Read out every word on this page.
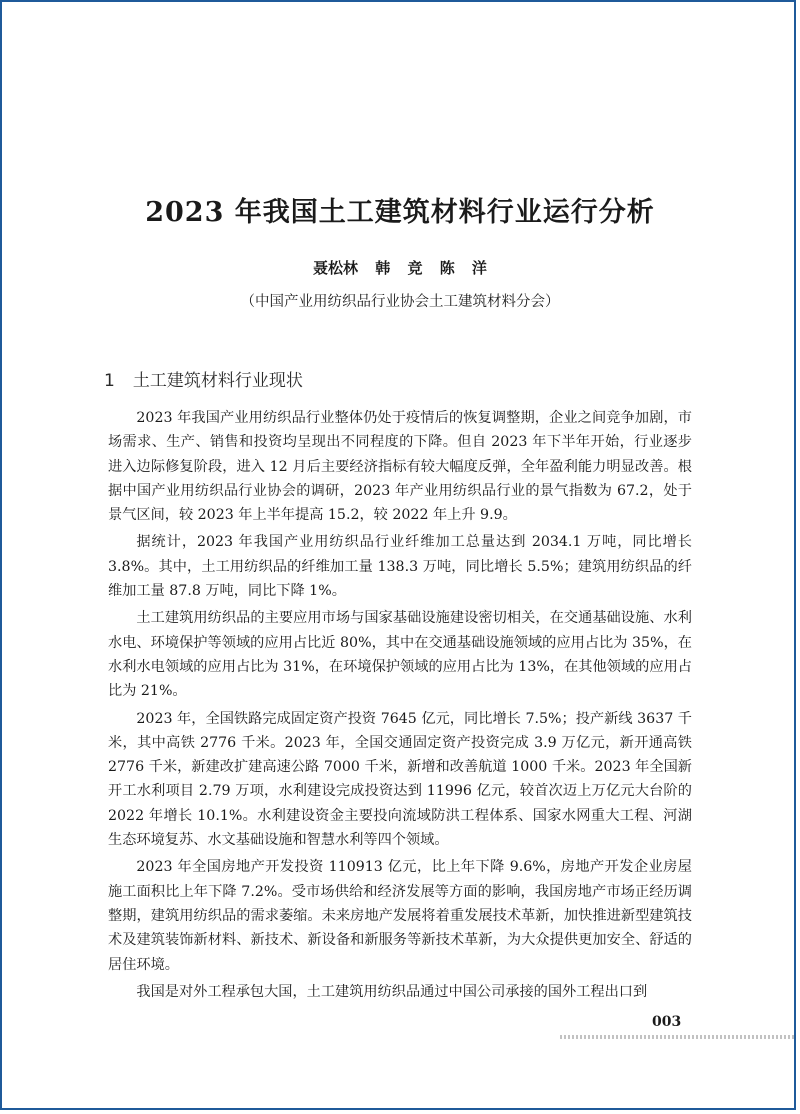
2023 年我国土工建筑材料行业运行分析
聂松林 韩 竞 陈 洋
（中国产业用纺织品行业协会土工建筑材料分会）
1 土工建筑材料行业现状

2023 年我国产业用纺织品行业整体仍处于疫情后的恢复调整期，企业之间竞争加剧，市场需求、生产、销售和投资均呈现出不同程度的下降。但自 2023 年下半年开始，行业逐步进入边际修复阶段，进入 12 月后主要经济指标有较大幅度反弹，全年盈利能力明显改善。根据中国产业用纺织品行业协会的调研，2023 年产业用纺织品行业的景气指数为 67.2，处于景气区间，较 2023 年上半年提高 15.2，较 2022 年上升 9.9。

据统计，2023 年我国产业用纺织品行业纤维加工总量达到 2034.1 万吨，同比增长 3.8%。其中，土工用纺织品的纤维加工量 138.3 万吨，同比增长 5.5%；建筑用纺织品的纤维加工量 87.8 万吨，同比下降 1%。

土工建筑用纺织品的主要应用市场与国家基础设施建设密切相关，在交通基础设施、水利水电、环境保护等领域的应用占比近 80%，其中在交通基础设施领域的应用占比为 35%，在水利水电领域的应用占比为 31%，在环境保护领域的应用占比为 13%，在其他领域的应用占比为 21%。

2023 年，全国铁路完成固定资产投资 7645 亿元，同比增长 7.5%；投产新线 3637 千米，其中高铁 2776 千米。2023 年，全国交通固定资产投资完成 3.9 万亿元，新开通高铁 2776 千米，新建改扩建高速公路 7000 千米，新增和改善航道 1000 千米。2023 年全国新开工水利项目 2.79 万项，水利建设完成投资达到 11996 亿元，较首次迈上万亿元大台阶的 2022 年增长 10.1%。水利建设资金主要投向流域防洪工程体系、国家水网重大工程、河湖生态环境复苏、水文基础设施和智慧水利等四个领域。

2023 年全国房地产开发投资 110913 亿元，比上年下降 9.6%，房地产开发企业房屋施工面积比上年下降 7.2%。受市场供给和经济发展等方面的影响，我国房地产市场正经历调整期，建筑用纺织品的需求萎缩。未来房地产发展将着重发展技术革新，加快推进新型建筑技术及建筑装饰新材料、新技术、新设备和新服务等新技术革新，为大众提供更加安全、舒适的居住环境。

我国是对外工程承包大国，土工建筑用纺织品通过中国公司承接的国外工程出口到

003
